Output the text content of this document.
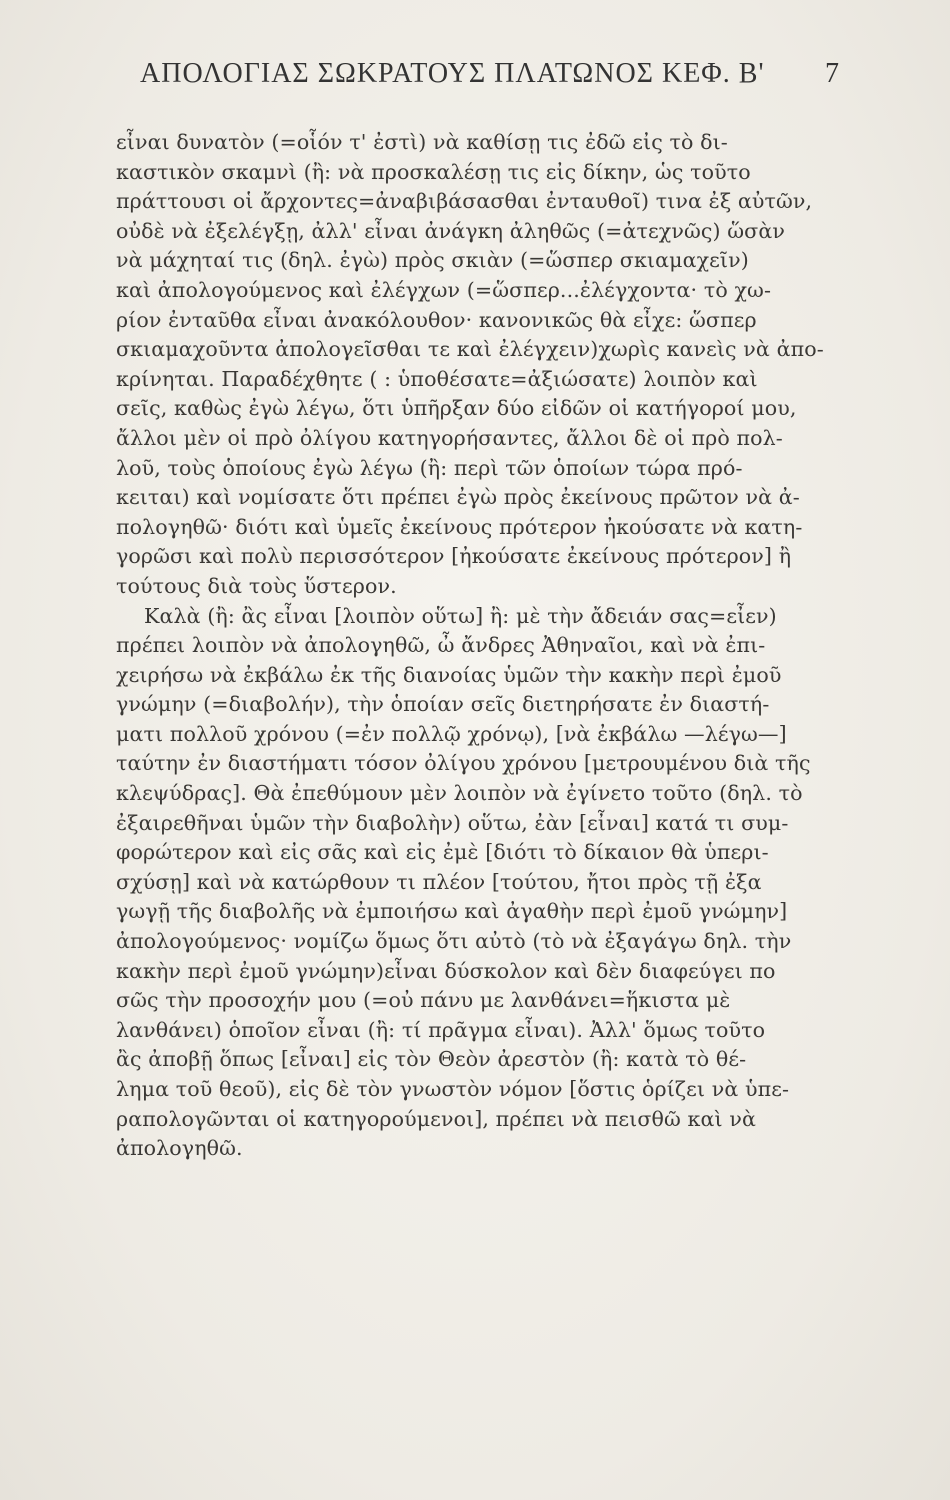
ΑΠΟΛΟΓΙΑΣ ΣΩΚΡΑΤΟΥΣ ΠΛΑΤΩΝΟΣ ΚΕΦ. Β'	7
εἶναι δυνατὸν (=οἷόν τ' ἐστὶ) νὰ καθίσῃ τις ἐδῶ εἰς τὸ δι-
καστικὸν σκαμνὶ (ἢ: νὰ προσκαλέσῃ τις εἰς δίκην, ὡς τοῦτο
πράττουσι οἱ ἄρχοντες=ἀναβιβάσασθαι ἐνταυθοῖ) τινα ἐξ αὐτῶν,
οὐδὲ νὰ ἐξελέγξῃ, ἀλλ' εἶναι ἀνάγκη ἀληθῶς (=ἀτεχνῶς) ὥσὰν
νὰ μάχηταί τις (δηλ. ἐγὼ) πρὸς σκιὰν (=ὥσπερ σκιαμαχεῖν)
καὶ ἀπολογούμενος καὶ ἐλέγχων (=ὥσπερ...ἐλέγχοντα· τὸ χω-
ρίον ἐνταῦθα εἶναι ἀνακόλουθον· κανονικῶς θὰ εἶχε: ὥσπερ
σκιαμαχοῦντα ἀπολογεῖσθαι τε καὶ ἐλέγχειν)χωρὶς κανεὶς νὰ ἀπο-
κρίνηται. Παραδέχθητε ( : ὑποθέσατε=ἀξιώσατε) λοιπὸν καὶ
σεῖς, καθὼς ἐγὼ λέγω, ὅτι ὑπῆρξαν δύο εἰδῶν οἱ κατήγοροί μου,
ἄλλοι μὲν οἱ πρὸ ὀλίγου κατηγορήσαντες, ἄλλοι δὲ οἱ πρὸ πολ-
λοῦ, τοὺς ὁποίους ἐγὼ λέγω (ἢ: περὶ τῶν ὁποίων τώρα πρό-
κειται) καὶ νομίσατε ὅτι πρέπει ἐγὼ πρὸς ἐκείνους πρῶτον νὰ ἀ-
πολογηθῶ· διότι καὶ ὑμεῖς ἐκείνους πρότερον ἠκούσατε νὰ κατη-
γορῶσι καὶ πολὺ περισσότερον [ἠκούσατε ἐκείνους πρότερον] ἢ
τούτους διὰ τοὺς ὕστερον.
Καλὰ (ἢ: ἂς εἶναι [λοιπὸν οὕτω] ἢ: μὲ τὴν ἄδειάν σας=εἶεν)
πρέπει λοιπὸν νὰ ἀπολογηθῶ, ὦ ἄνδρες Ἀθηναῖοι, καὶ νὰ ἐπι-
χειρήσω νὰ ἐκβάλω ἐκ τῆς διανοίας ὑμῶν τὴν κακὴν περὶ ἐμοῦ
γνώμην (=διαβολήν), τὴν ὁποίαν σεῖς διετηρήσατε ἐν διαστή-
ματι πολλοῦ χρόνου (=ἐν πολλῷ χρόνῳ), [νὰ ἐκβάλω —λέγω—]
ταύτην ἐν διαστήματι τόσον ὀλίγου χρόνου [μετρουμένου διὰ τῆς
κλεψύδρας]. Θὰ ἐπεθύμουν μὲν λοιπὸν νὰ ἐγίνετο τοῦτο (δηλ. τὸ
ἐξαιρεθῆναι ὑμῶν τὴν διαβολὴν) οὕτω, ἐὰν [εἶναι] κατά τι συμ-
φορώτερον καὶ εἰς σᾶς καὶ εἰς ἐμὲ [διότι τὸ δίκαιον θὰ ὑπερι-
σχύσῃ] καὶ νὰ κατώρθουν τι πλέον [τούτου, ἤτοι πρὸς τῇ ἐξα
γωγῇ τῆς διαβολῆς νὰ ἐμποιήσω καὶ ἀγαθὴν περὶ ἐμοῦ γνώμην]
ἀπολογούμενος· νομίζω ὅμως ὅτι αὐτὸ (τὸ νὰ ἐξαγάγω δηλ. τὴν
κακὴν περὶ ἐμοῦ γνώμην)εἶναι δύσκολον καὶ δὲν διαφεύγει πο
σῶς τὴν προσοχήν μου (=οὐ πάνυ με λανθάνει=ἥκιστα μὲ
λανθάνει) ὁποῖον εἶναι (ἢ: τί πρᾶγμα εἶναι). Ἀλλ' ὅμως τοῦτο
ἂς ἀποβῇ ὅπως [εἶναι] εἰς τὸν Θεὸν ἀρεστὸν (ἢ: κατὰ τὸ θέ-
λημα τοῦ θεοῦ), εἰς δὲ τὸν γνωστὸν νόμον [ὅστις ὁρίζει νὰ ὑπε-
ραπολογῶνται οἱ κατηγορούμενοι], πρέπει νὰ πεισθῶ καὶ νὰ
ἀπολογηθῶ.
